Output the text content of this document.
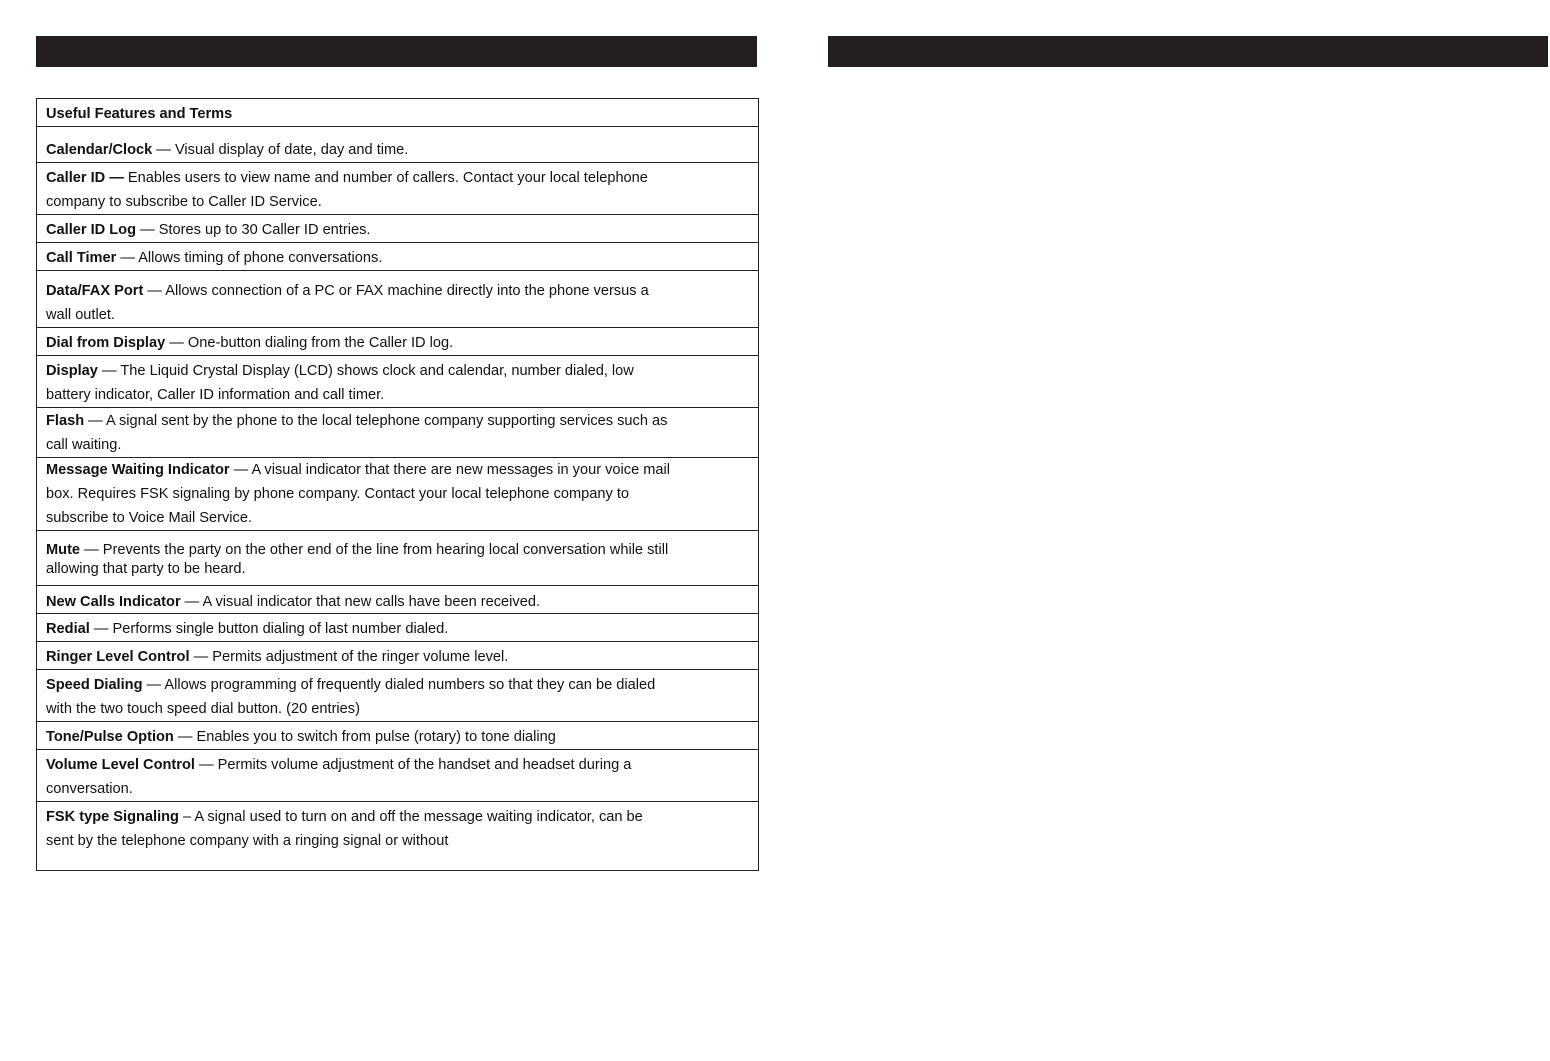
Useful Features and Terms
Calendar/Clock — Visual display of date, day and time.
Caller ID — Enables users to view name and number of callers. Contact your local telephone
company to subscribe to Caller ID Service.
Caller ID Log — Stores up to 30 Caller ID entries.
Call Timer — Allows timing of phone conversations.
Data/FAX Port — Allows connection of a PC or FAX machine directly into the phone versus a
wall outlet.
Dial from Display — One-button dialing from the Caller ID log.
Display — The Liquid Crystal Display (LCD) shows clock and calendar, number dialed, low
battery indicator, Caller ID information and call timer.
Flash — A signal sent by the phone to the local telephone company supporting services such as
call waiting.
Message Waiting Indicator — A visual indicator that there are new messages in your voice mail
box. Requires FSK signaling by phone company. Contact your local telephone company to
subscribe to Voice Mail Service.
Mute — Prevents the party on the other end of the line from hearing local conversation while still
allowing that party to be heard.
New Calls Indicator — A visual indicator that new calls have been received.
Redial — Performs single button dialing of last number dialed.
Ringer Level Control — Permits adjustment of the ringer volume level.
Speed Dialing — Allows programming of frequently dialed numbers so that they can be dialed
with the two touch speed dial button. (20 entries)
Tone/Pulse Option — Enables you to switch from pulse (rotary) to tone dialing
Volume Level Control — Permits volume adjustment of the handset and headset during a
conversation.
FSK type Signaling – A signal used to turn on and off the message waiting indicator, can be
sent by the telephone company with a ringing signal or without
